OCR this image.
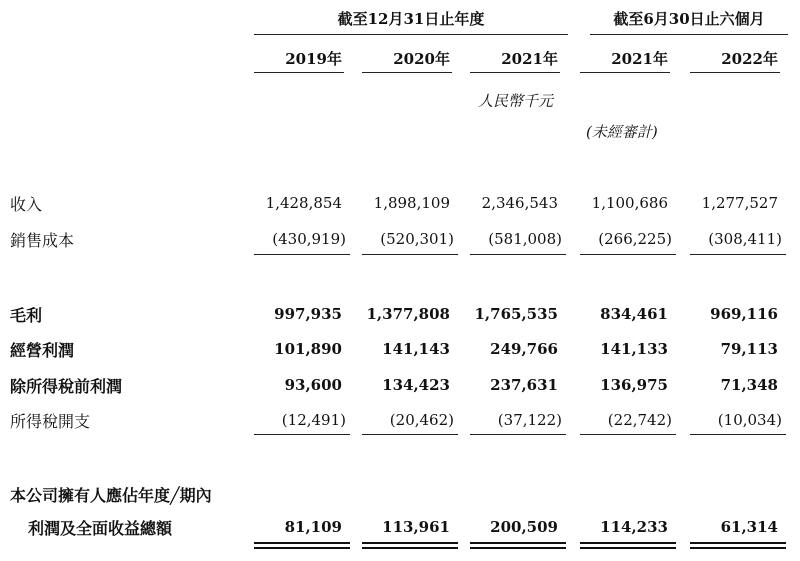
截至12月31日止年度	截至6月30日止六個月
2019年	2020年	2021年	2021年	2022年
人民幣千元
(未經審計)
收入	1,428,854 1,898,109 2,346,543 1,100,686 1,277,527
銷售成本	(430,919) (520,301) (581,008) (266,225) (308,411)
毛利	997,935 1,377,808 1,765,535	834,461	969,116
經營利潤	101,890	141,143	249,766	141,133	79,113
除所得稅前利潤	93,600	134,423	237,631	136,975	71,348
所得稅開支	(12,491)	(20,462)	(37,122)	(22,742)	(10,034)
本公司擁有人應佔年度╱期內
利潤及全面收益總額	81,109	113,961	200,509	114,233	61,314
